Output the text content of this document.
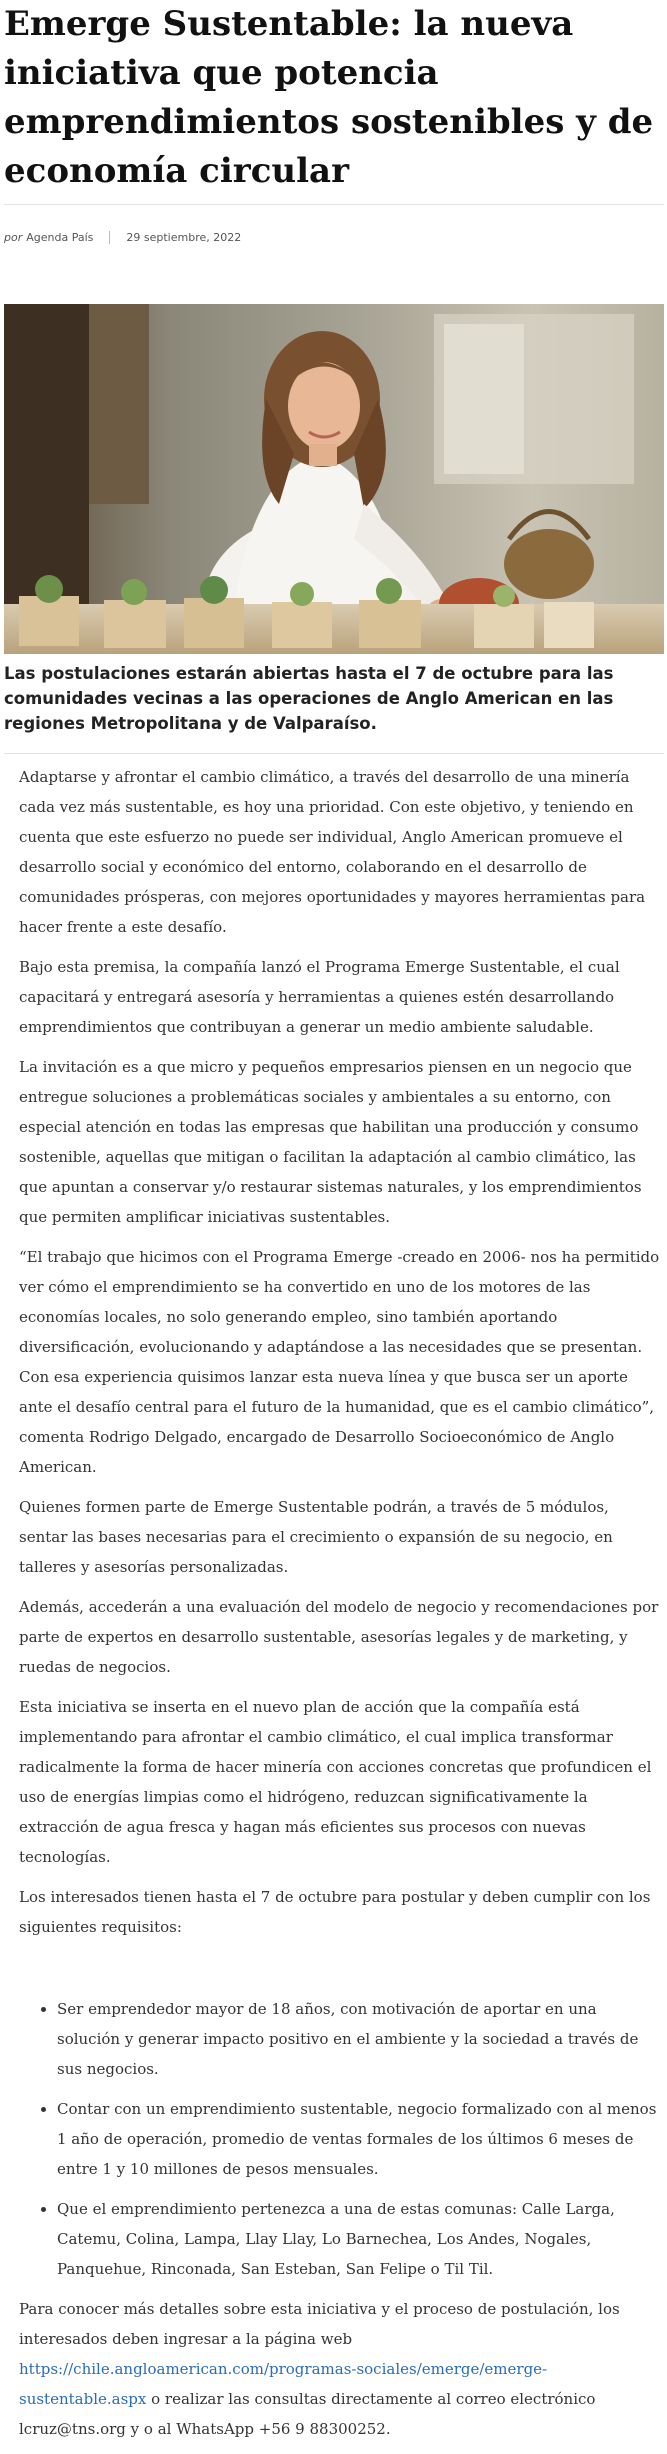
Emerge Sustentable: la nueva iniciativa que potencia emprendimientos sostenibles y de economía circular
por Agenda País	29 septiembre, 2022

Las postulaciones estarán abiertas hasta el 7 de octubre para las comunidades vecinas a las operaciones de Anglo American en las regiones Metropolitana y de Valparaíso.

Adaptarse y afrontar el cambio climático, a través del desarrollo de una minería cada vez más sustentable, es hoy una prioridad. Con este objetivo, y teniendo en cuenta que este esfuerzo no puede ser individual, Anglo American promueve el desarrollo social y económico del entorno, colaborando en el desarrollo de comunidades prósperas, con mejores oportunidades y mayores herramientas para hacer frente a este desafío.

Bajo esta premisa, la compañía lanzó el Programa Emerge Sustentable, el cual capacitará y entregará asesoría y herramientas a quienes estén desarrollando emprendimientos que contribuyan a generar un medio ambiente saludable.

La invitación es a que micro y pequeños empresarios piensen en un negocio que entregue soluciones a problemáticas sociales y ambientales a su entorno, con especial atención en todas las empresas que habilitan una producción y consumo sostenible, aquellas que mitigan o facilitan la adaptación al cambio climático, las que apuntan a conservar y/o restaurar sistemas naturales, y los emprendimientos que permiten amplificar iniciativas sustentables.

“El trabajo que hicimos con el Programa Emerge -creado en 2006- nos ha permitido ver cómo el emprendimiento se ha convertido en uno de los motores de las economías locales, no solo generando empleo, sino también aportando diversificación, evolucionando y adaptándose a las necesidades que se presentan. Con esa experiencia quisimos lanzar esta nueva línea y que busca ser un aporte ante el desafío central para el futuro de la humanidad, que es el cambio climático”, comenta Rodrigo Delgado, encargado de Desarrollo Socioeconómico de Anglo American.

Quienes formen parte de Emerge Sustentable podrán, a través de 5 módulos, sentar las bases necesarias para el crecimiento o expansión de su negocio, en talleres y asesorías personalizadas.

Además, accederán a una evaluación del modelo de negocio y recomendaciones por parte de expertos en desarrollo sustentable, asesorías legales y de marketing, y ruedas de negocios.

Esta iniciativa se inserta en el nuevo plan de acción que la compañía está implementando para afrontar el cambio climático, el cual implica transformar radicalmente la forma de hacer minería con acciones concretas que profundicen el uso de energías limpias como el hidrógeno, reduzcan significativamente la extracción de agua fresca y hagan más eficientes sus procesos con nuevas tecnologías.

Los interesados tienen hasta el 7 de octubre para postular y deben cumplir con los siguientes requisitos:

• Ser emprendedor mayor de 18 años, con motivación de aportar en una solución y generar impacto positivo en el ambiente y la sociedad a través de sus negocios.
• Contar con un emprendimiento sustentable, negocio formalizado con al menos 1 año de operación, promedio de ventas formales de los últimos 6 meses de entre 1 y 10 millones de pesos mensuales.
• Que el emprendimiento pertenezca a una de estas comunas: Calle Larga, Catemu, Colina, Lampa, Llay Llay, Lo Barnechea, Los Andes, Nogales, Panquehue, Rinconada, San Esteban, San Felipe o Til Til.

Para conocer más detalles sobre esta iniciativa y el proceso de postulación, los interesados deben ingresar a la página web https://chile.angloamerican.com/programas-sociales/emerge/emerge-sustentable.aspx o realizar las consultas directamente al correo electrónico lcruz@tns.org y o al WhatsApp +56 9 88300252.
